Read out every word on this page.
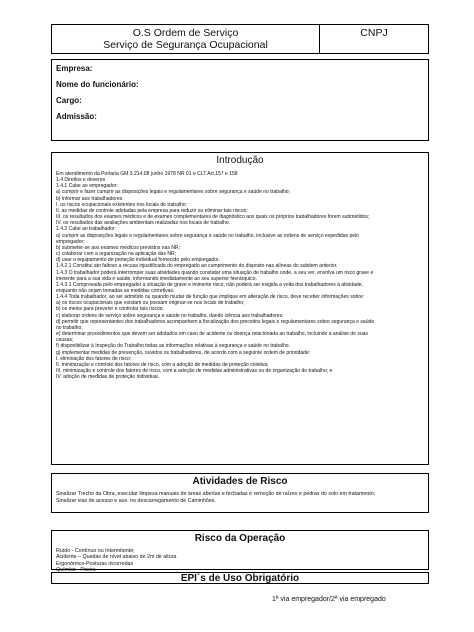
O.S Ordem de Serviço
Serviço de Segurança Ocupacional
CNPJ
Empresa:
Nome do funcionário:
Cargo:
Admissão:
Introdução
Em atendimento da Portaria GM 3.214.08 junho 1978 NR 01 e CLT Art.157 e 158
1.4 Direitos e deveres
1.4.1 Cabe ao empregador:
a) cumprir e fazer cumprir as disposições legais e regulamentares sobre segurança e saúde no trabalho;
b) informar aos trabalhadores:
I. os riscos ocupacionais existentes nos locais de trabalho;
II. as medidas de controle adotadas pela empresa para reduzir ou eliminar tais riscos;
III. os resultados dos exames médicos e de exames complementares de diagnóstico aos quais os próprios trabalhadores forem submetidos;
IV. os resultados das avaliações ambientais realizadas nos locais de trabalho.
1.4.2 Cabe ao trabalhador:
a) cumprir as disposições legais e regulamentares sobre segurança e saúde no trabalho, inclusive as ordens de serviço expedidas pelo
empregador;
b) submeter-se aos exames médicos previstos nas NR;
c) colaborar com a organização na aplicação das NR;
d) usar o equipamento de proteção individual fornecido pelo empregador.
1.4.2.1 Constitui ato faltoso a recusa injustificada do empregado ao cumprimento do disposto nas alíneas do subitem anterior.
1.4.3 O trabalhador poderá interromper suas atividades quando constatar uma situação de trabalho onde, a seu ver, envolva um risco grave e
iminente para a sua vida e saúde, informando imediatamente ao seu superior hierárquico.
1.4.3.1 Comprovada pelo empregador a situação de grave e iminente risco, não poderá ser exigida a volta dos trabalhadores à atividade,
enquanto não sejam tomadas as medidas corretivas.
1.4.4 Toda trabalhador, ao ser admitido ou quando mudar de função que implique em alteração de risco, deve receber informações sobre:
a) os riscos ocupacionais que existam ou possam originar-se nos locais de trabalho;
b) os meios para prevenir e controlar tais riscos;
c) elaborar ordens de serviço sobre segurança e saúde no trabalho, dando ciência aos trabalhadores;
d) permitir que representantes dos trabalhadores acompanhem a fiscalização dos preceitos legais e regulamentares sobre segurança e saúde
no trabalho;
e) determinar procedimentos que devem ser adotados em caso de acidente ou doença relacionada ao trabalho, incluindo a análise de suas
causas;
f) disponibilizar à Inspeção do Trabalho todas as informações relativas à segurança e saúde no trabalho.
g) implementar medidas de prevenção, ouvidos os trabalhadores, de acordo com a seguinte ordem de prioridade:
I. eliminação dos fatores de risco;
II. minimização e controle dos fatores de risco, com a adoção de medidas de proteção coletiva;
III. minimização e controle dos fatores de risco, com a adoção de medidas administrativas ou de organização do trabalho; e
IV. adoção de medidas de proteção individual.
Atividades de Risco
Sinalizar Trecho da Obra, executar limpeza manuais de áreas abertas e fechadas e remoção de raízes e pedras do solo em tratamento;
Sinalizar vias de acesso e aux. no descarregamento de Caminhões.
Risco da Operação
Ruído - Contínuo ou Intermitente;
Acidente – Quedas de nível abaixo de 2m de altura
Ergonômico-Posturas incorredas
Químico - Poeira
EPI`s de Uso Obrigatório
1ª via empregador/2ª via empregado
